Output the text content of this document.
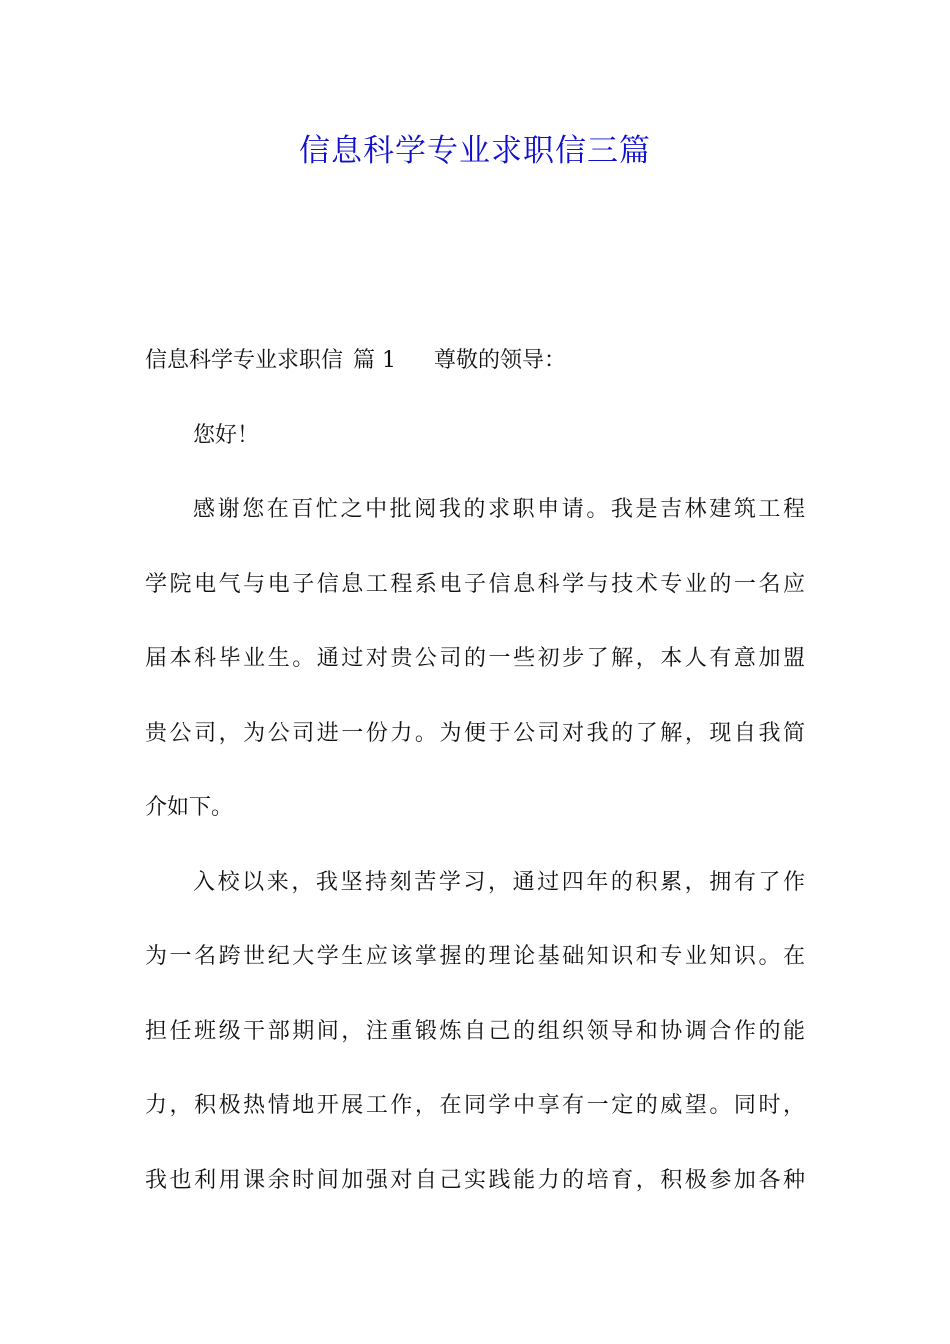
信息科学专业求职信三篇
信息科学专业求职信 篇 1 尊敬的领导：
您好！
感谢您在百忙之中批阅我的求职申请。我是吉林建筑工程
学院电气与电子信息工程系电子信息科学与技术专业的一名应
届本科毕业生。通过对贵公司的一些初步了解，本人有意加盟
贵公司，为公司进一份力。为便于公司对我的了解，现自我简
介如下。
入校以来，我坚持刻苦学习，通过四年的积累，拥有了作
为一名跨世纪大学生应该掌握的理论基础知识和专业知识。在
担任班级干部期间，注重锻炼自己的组织领导和协调合作的能
力，积极热情地开展工作，在同学中享有一定的威望。同时，
我也利用课余时间加强对自己实践能力的培育，积极参加各种
